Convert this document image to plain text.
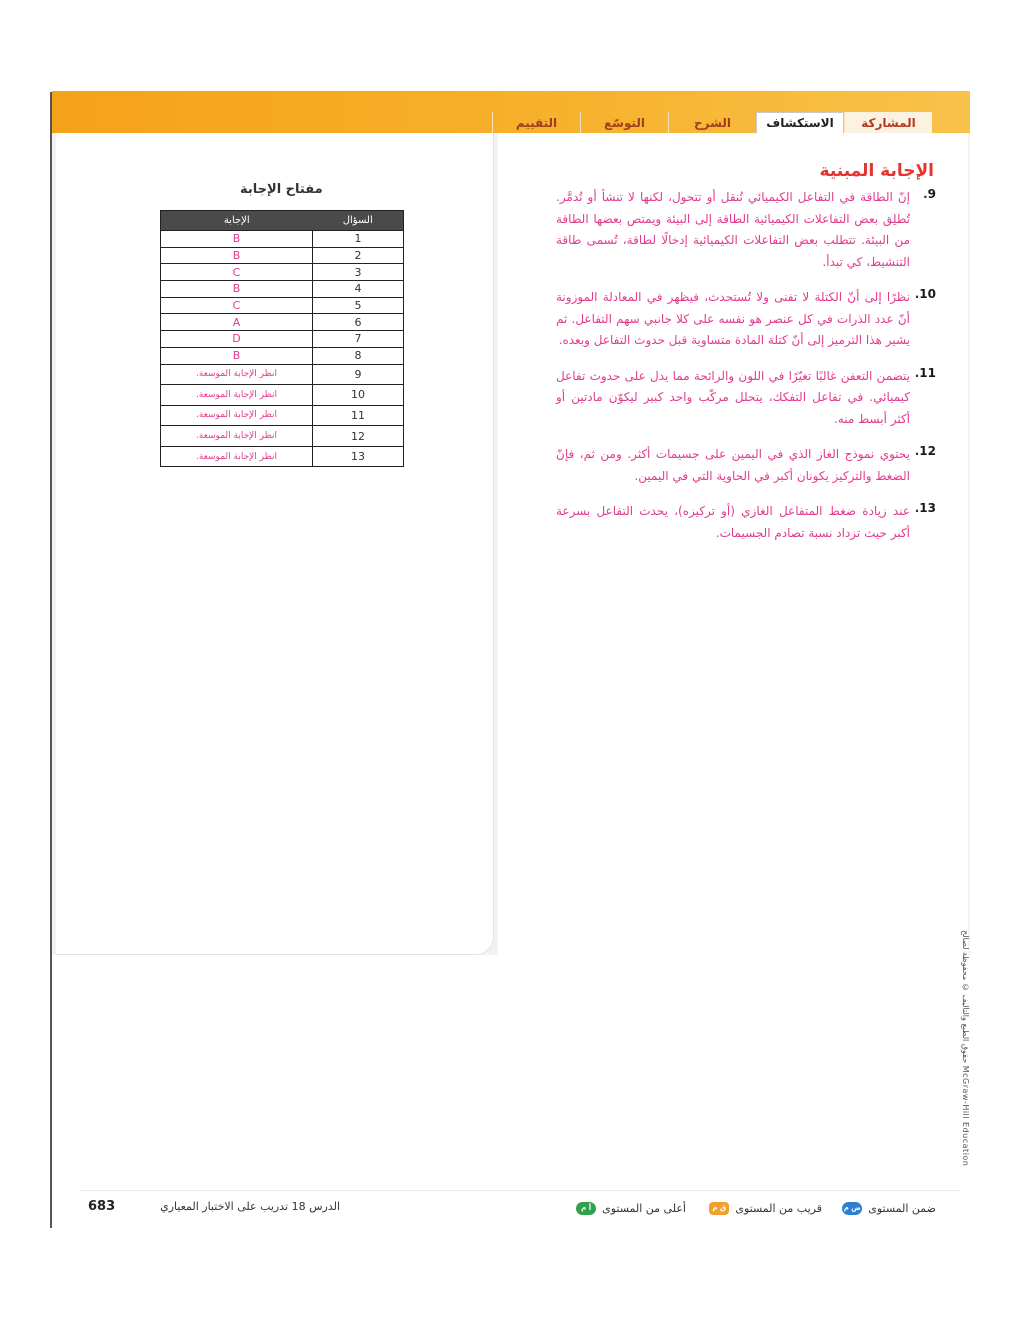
المشاركة
الاستكشاف
الشرح
التوسّع
التقييم
الإجابة المبنية
9.
إنّ الطاقة في التفاعل الكيميائي تُنقل أو تتحول، لكنها لا تنشأ أو تُدمَّر. تُطلِق بعض التفاعلات الكيميائية الطاقة إلى البيئة ويمتص بعضها الطاقة من البيئة. تتطلب بعض التفاعلات الكيميائية إدخالًا لطاقة، تُسمى طاقة التنشيط، كي تبدأ.
10.
نظرًا إلى أنّ الكتلة لا تفنى ولا تُستحدث، فيظهر في المعادلة الموزونة أنّ عدد الذرات في كل عنصر هو نفسه على كلا جانبي سهم التفاعل. ثم يشير هذا الترميز إلى أنّ كتلة المادة متساوية قبل حدوث التفاعل وبعده.
11.
يتضمن التعفن غالبًا تغيّرًا في اللون والرائحة مما يدل على حدوث تفاعل كيميائي. في تفاعل التفكك، يتحلل مركّب واحد كبير ليكوّن مادتين أو أكثر أبسط منه.
12.
يحتوي نموذج الغاز الذي في اليمين على جسيمات أكثر. ومن ثم، فإنّ الضغط والتركيز يكونان أكبر في الحاوية التي في اليمين.
13.
عند زيادة ضغط المتفاعل الغازي (أو تركيزه)، يحدث التفاعل بسرعة أكبر حيث تزداد نسبة تصادم الجسيمات.
مفتاح الإجابة
الإجابة	السؤال
B	1
B	2
C	3
B	4
C	5
A	6
D	7
B	8
انظر الإجابة الموسعة.	9
انظر الإجابة الموسعة.	10
انظر الإجابة الموسعة.	11
انظر الإجابة الموسعة.	12
انظر الإجابة الموسعة.	13
حقوق الطبع والتأليف © محفوظة لصالح McGraw-Hill Education
683	الدرس 18 تدريب على الاختبار المعياري	ض م ضمن المستوى
ق م قريب من المستوى
أ م	أعلى من المستوى
